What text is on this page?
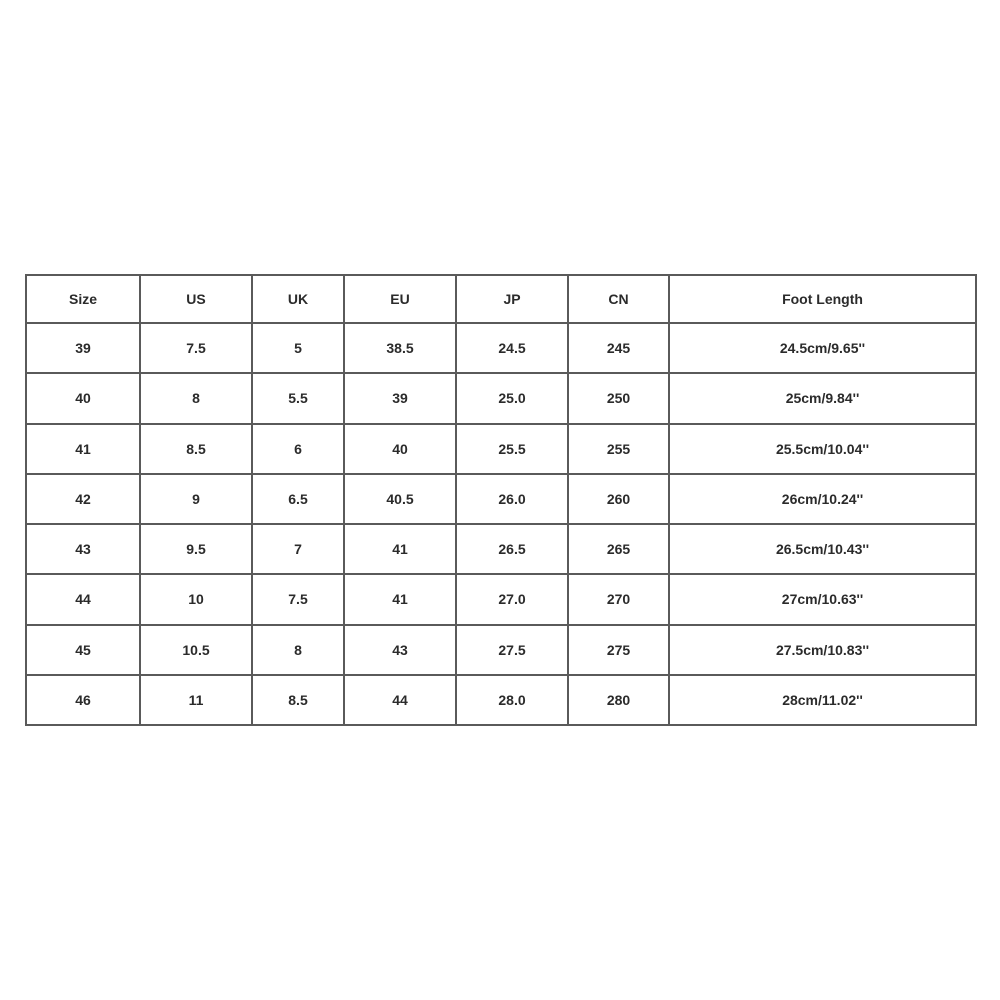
Size	US	UK	EU	JP	CN	Foot Length
39	7.5	5	38.5	24.5	245	24.5cm/9.65''
40	8	5.5	39	25.0	250	25cm/9.84''
41	8.5	6	40	25.5	255	25.5cm/10.04''
42	9	6.5	40.5	26.0	260	26cm/10.24''
43	9.5	7	41	26.5	265	26.5cm/10.43''
44	10	7.5	41	27.0	270	27cm/10.63''
45	10.5	8	43	27.5	275	27.5cm/10.83''
46	11	8.5	44	28.0	280	28cm/11.02''
